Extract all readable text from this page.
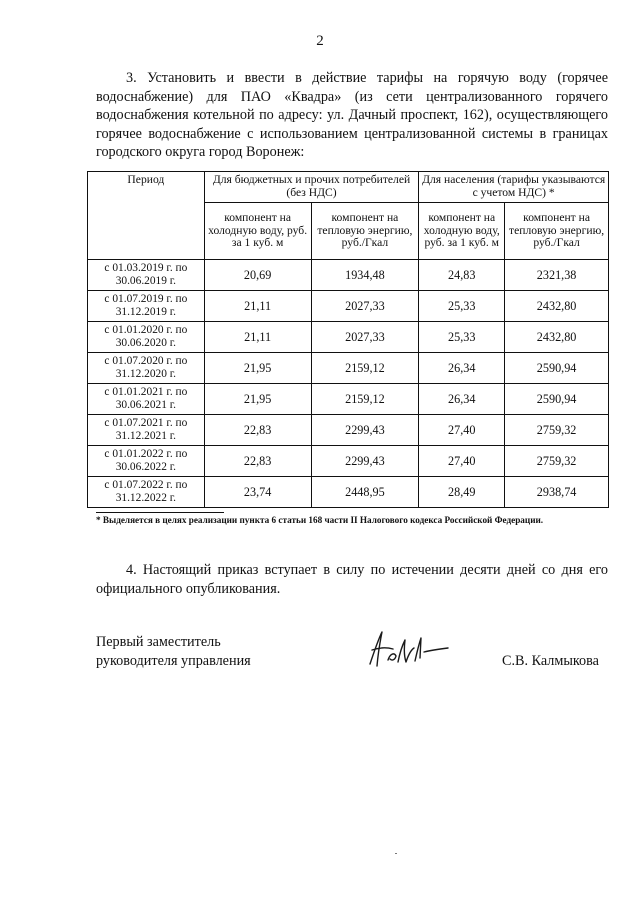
2

3. Установить и ввести в действие тарифы на горячую воду (горячее водоснабжение) для ПАО «Квадра» (из сети централизованного горячего водоснабжения котельной по адресу: ул. Дачный проспект, 162), осуществляющего горячее водоснабжение с использованием централизованной системы в границах городского округа город Воронеж:

Период	Для бюджетных и прочих потребителей (без НДС)		Для населения (тарифы указываются с учетом НДС) *	
	компонент на холодную воду, руб. за 1 куб. м	компонент на тепловую энергию, руб./Гкал	компонент на холодную воду, руб. за 1 куб. м	компонент на тепловую энергию, руб./Гкал
с 01.03.2019 г. по 30.06.2019 г.	20,69	1934,48	24,83	2321,38
с 01.07.2019 г. по 31.12.2019 г.	21,11	2027,33	25,33	2432,80
с 01.01.2020 г. по 30.06.2020 г.	21,11	2027,33	25,33	2432,80
с 01.07.2020 г. по 31.12.2020 г.	21,95	2159,12	26,34	2590,94
с 01.01.2021 г. по 30.06.2021 г.	21,95	2159,12	26,34	2590,94
с 01.07.2021 г. по 31.12.2021 г.	22,83	2299,43	27,40	2759,32
с 01.01.2022 г. по 30.06.2022 г.	22,83	2299,43	27,40	2759,32
с 01.07.2022 г. по 31.12.2022 г.	23,74	2448,95	28,49	2938,74
* Выделяется в целях реализации пункта 6 статьи 168 части II Налогового кодекса Российской Федерации.

4. Настоящий приказ вступает в силу по истечении десяти дней со дня его официального опубликования.

Первый заместитель
руководителя управления	С.В. Калмыкова
